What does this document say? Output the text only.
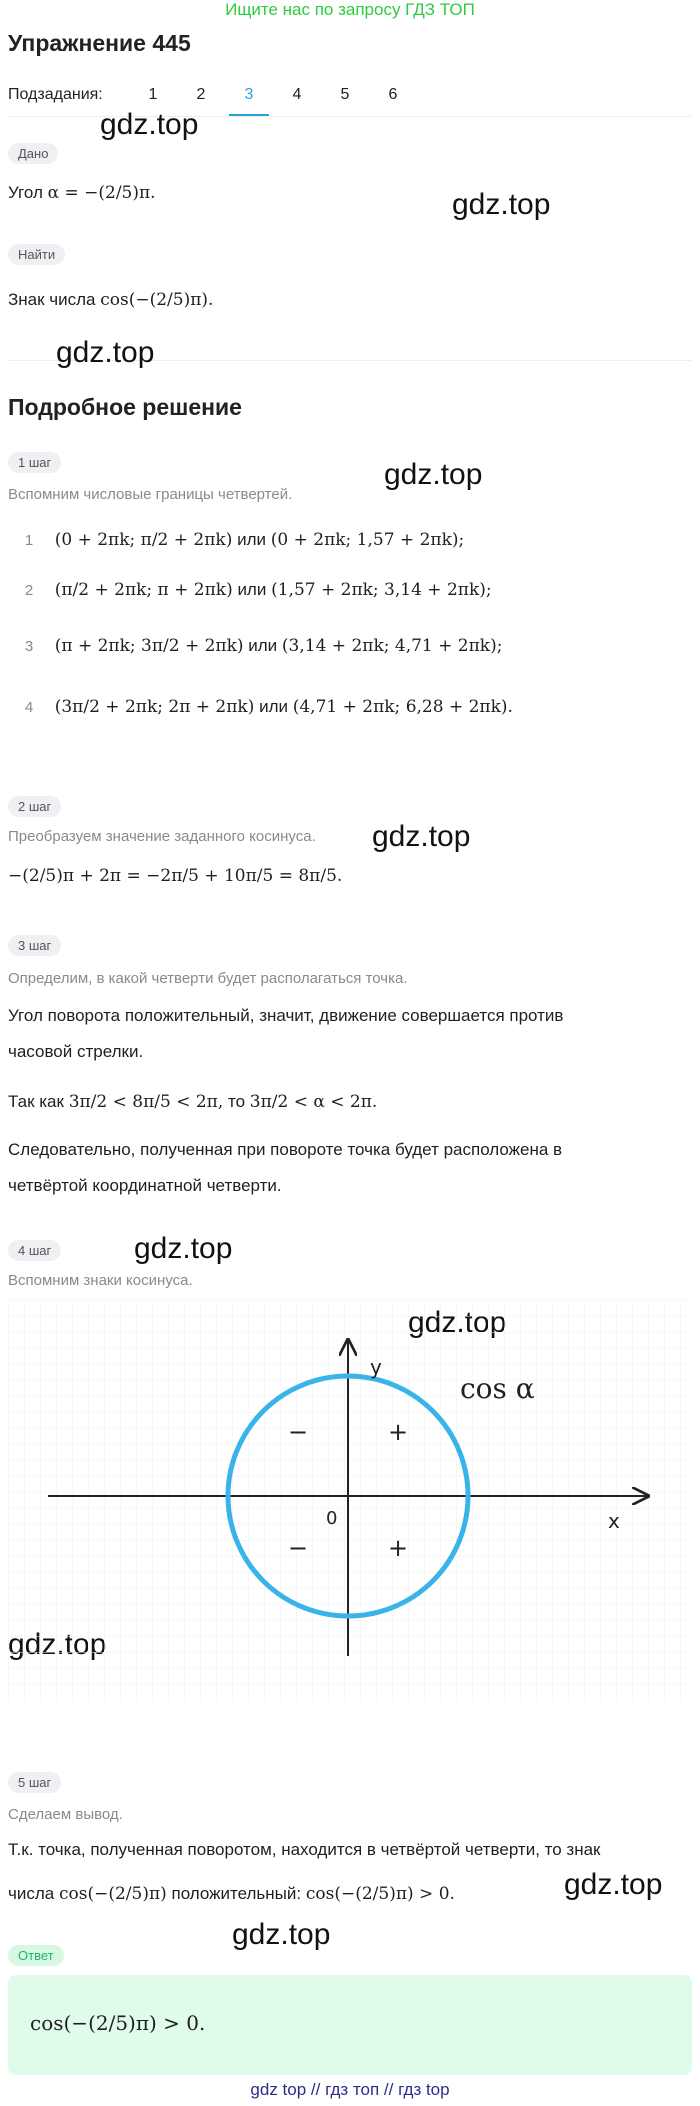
Ищите нас по запросу ГДЗ ТОП
Упражнение 445
Подзадания:	1	2	3	4	5	6
Дано
Угол α = −(2/5)π.
Найти
Знак числа cos(−(2/5)π).
gdz.top
gdz.top
gdz.top
gdz.top
gdz.top
gdz.top
gdz.top
gdz.top
Подробное решение
1 шаг
Вспомним числовые границы четвертей.
1 (0 + 2πk; π/2 + 2πk) или (0 + 2πk; 1,57 + 2πk);
2 (π/2 + 2πk; π + 2πk) или (1,57 + 2πk; 3,14 + 2πk);
3 (π + 2πk; 3π/2 + 2πk) или (3,14 + 2πk; 4,71 + 2πk);
4 (3π/2 + 2πk; 2π + 2πk) или (4,71 + 2πk; 6,28 + 2πk).
2 шаг
Преобразуем значение заданного косинуса.
−(2/5)π + 2π = −2π/5 + 10π/5 = 8π/5.
3 шаг
Определим, в какой четверти будет располагаться точка.
Угол поворота положительный, значит, движение совершается против
часовой стрелки.
Так как 3π/2 < 8π/5 < 2π, то 3π/2 < α < 2π.
Следовательно, полученная при повороте точка будет расположена в
четвёртой координатной четверти.
4 шаг
Вспомним знаки косинуса.
y
x
0
cos α
+
−
−	+
5 шаг
Сделаем вывод.
Т.к. точка, полученная поворотом, находится в четвёртой четверти, то знак
числа cos(−(2/5)π) положительный: cos(−(2/5)π) > 0.
Ответ
cos(−(2/5)π) > 0.
gdz top // гдз топ // гдз top
